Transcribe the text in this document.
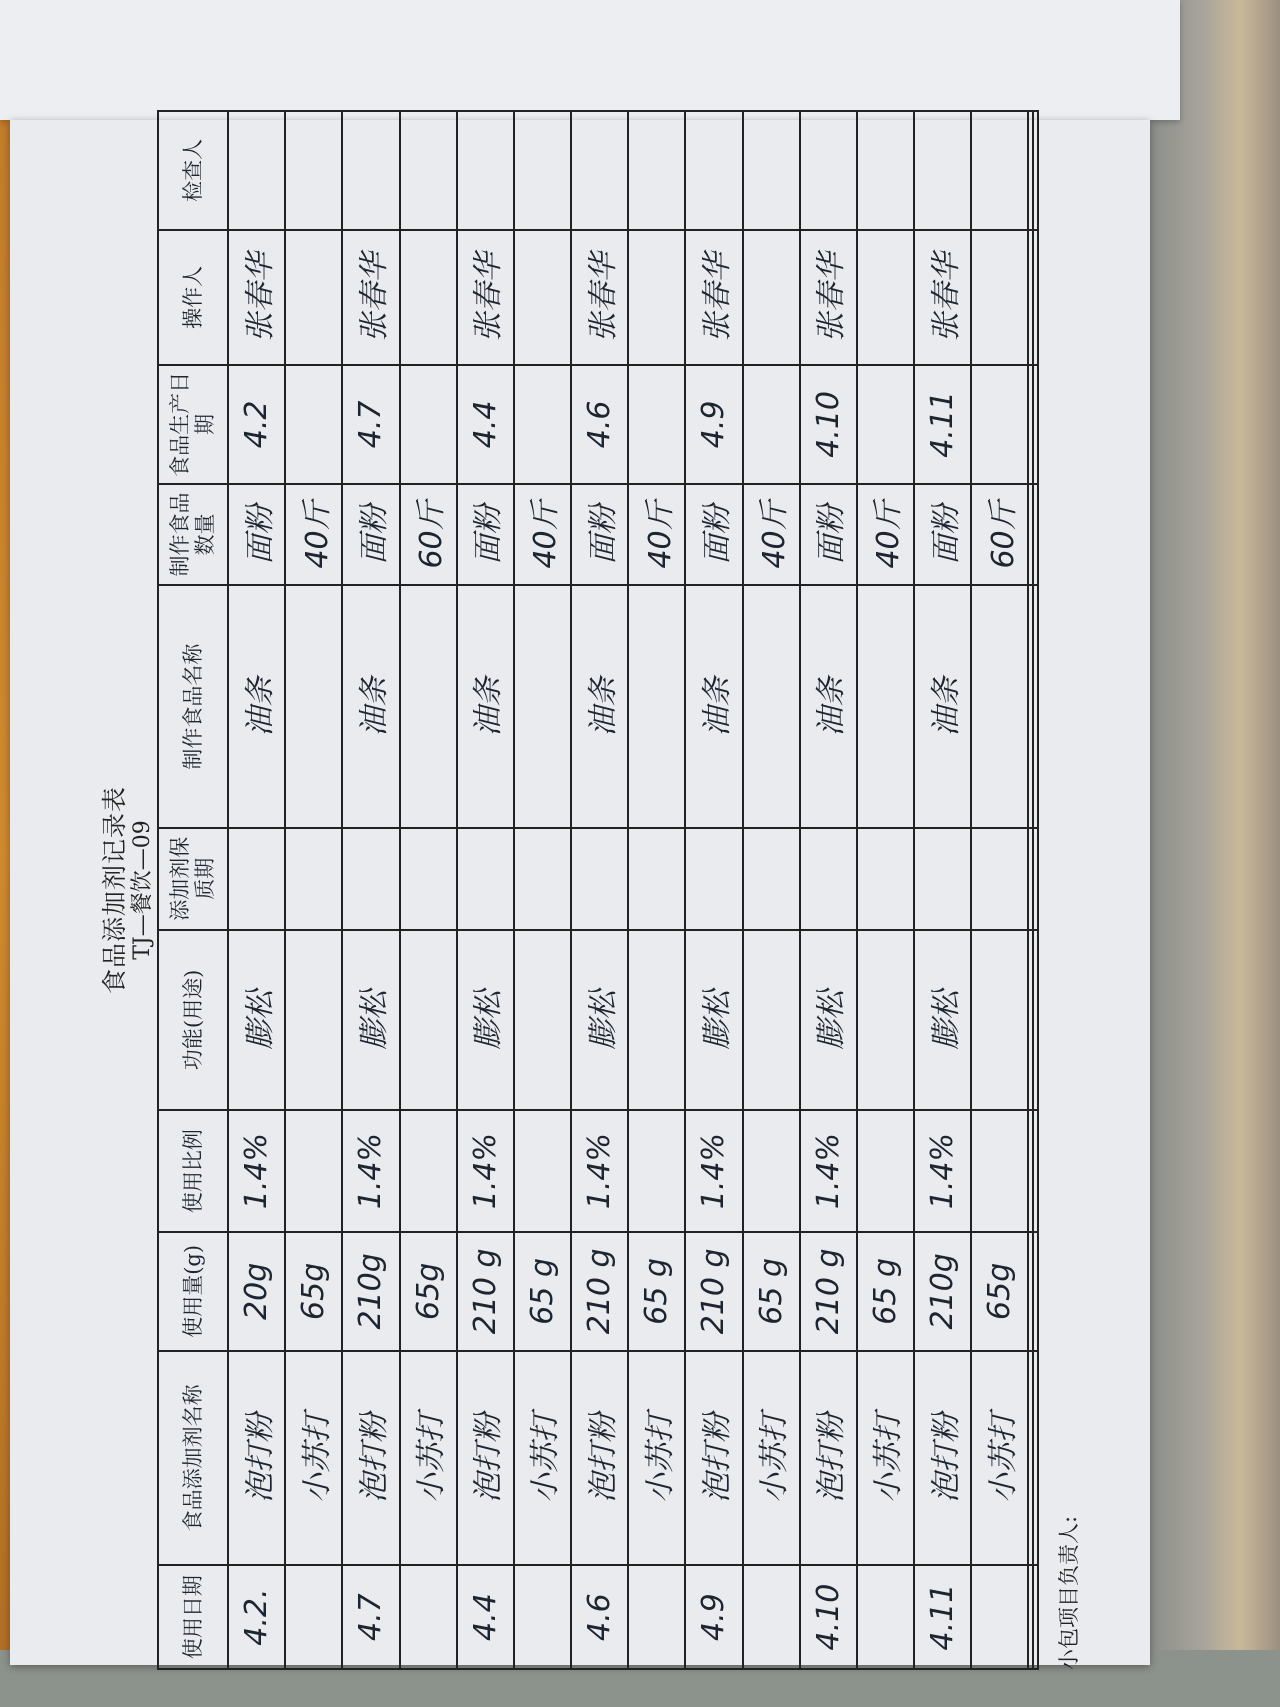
食品添加剂记录表 TJ—餐饮—09
使用日期	食品添加剂名称	使用量(g)	使用比例	功能(用途)	添加剂保质期	制作食品名称	制作食品数量	食品生产日期	操作人	检查人
4.2.	泡打粉	20g	1.4%	膨松		油条	面粉	4.2	张春华	
	小苏打	65g					40斤			
4.7	泡打粉	210g	1.4%	膨松		油条	面粉	4.7	张春华	
	小苏打	65g					60斤			
4.4	泡打粉	210 g	1.4%	膨松		油条	面粉	4.4	张春华	
	小苏打	65 g					40斤			
4.6	泡打粉	210 g	1.4%	膨松		油条	面粉	4.6	张春华	
	小苏打	65 g					40斤			
4.9	泡打粉	210 g	1.4%	膨松		油条	面粉	4.9	张春华	
	小苏打	65 g					40斤			
4.10	泡打粉	210 g	1.4%	膨松		油条	面粉	4.10	张春华	
	小苏打	65 g					40斤			
4.11	泡打粉	210g	1.4%	膨松		油条	面粉	4.11	张春华	
	小苏打	65g					60斤			

小包项目负责人:
